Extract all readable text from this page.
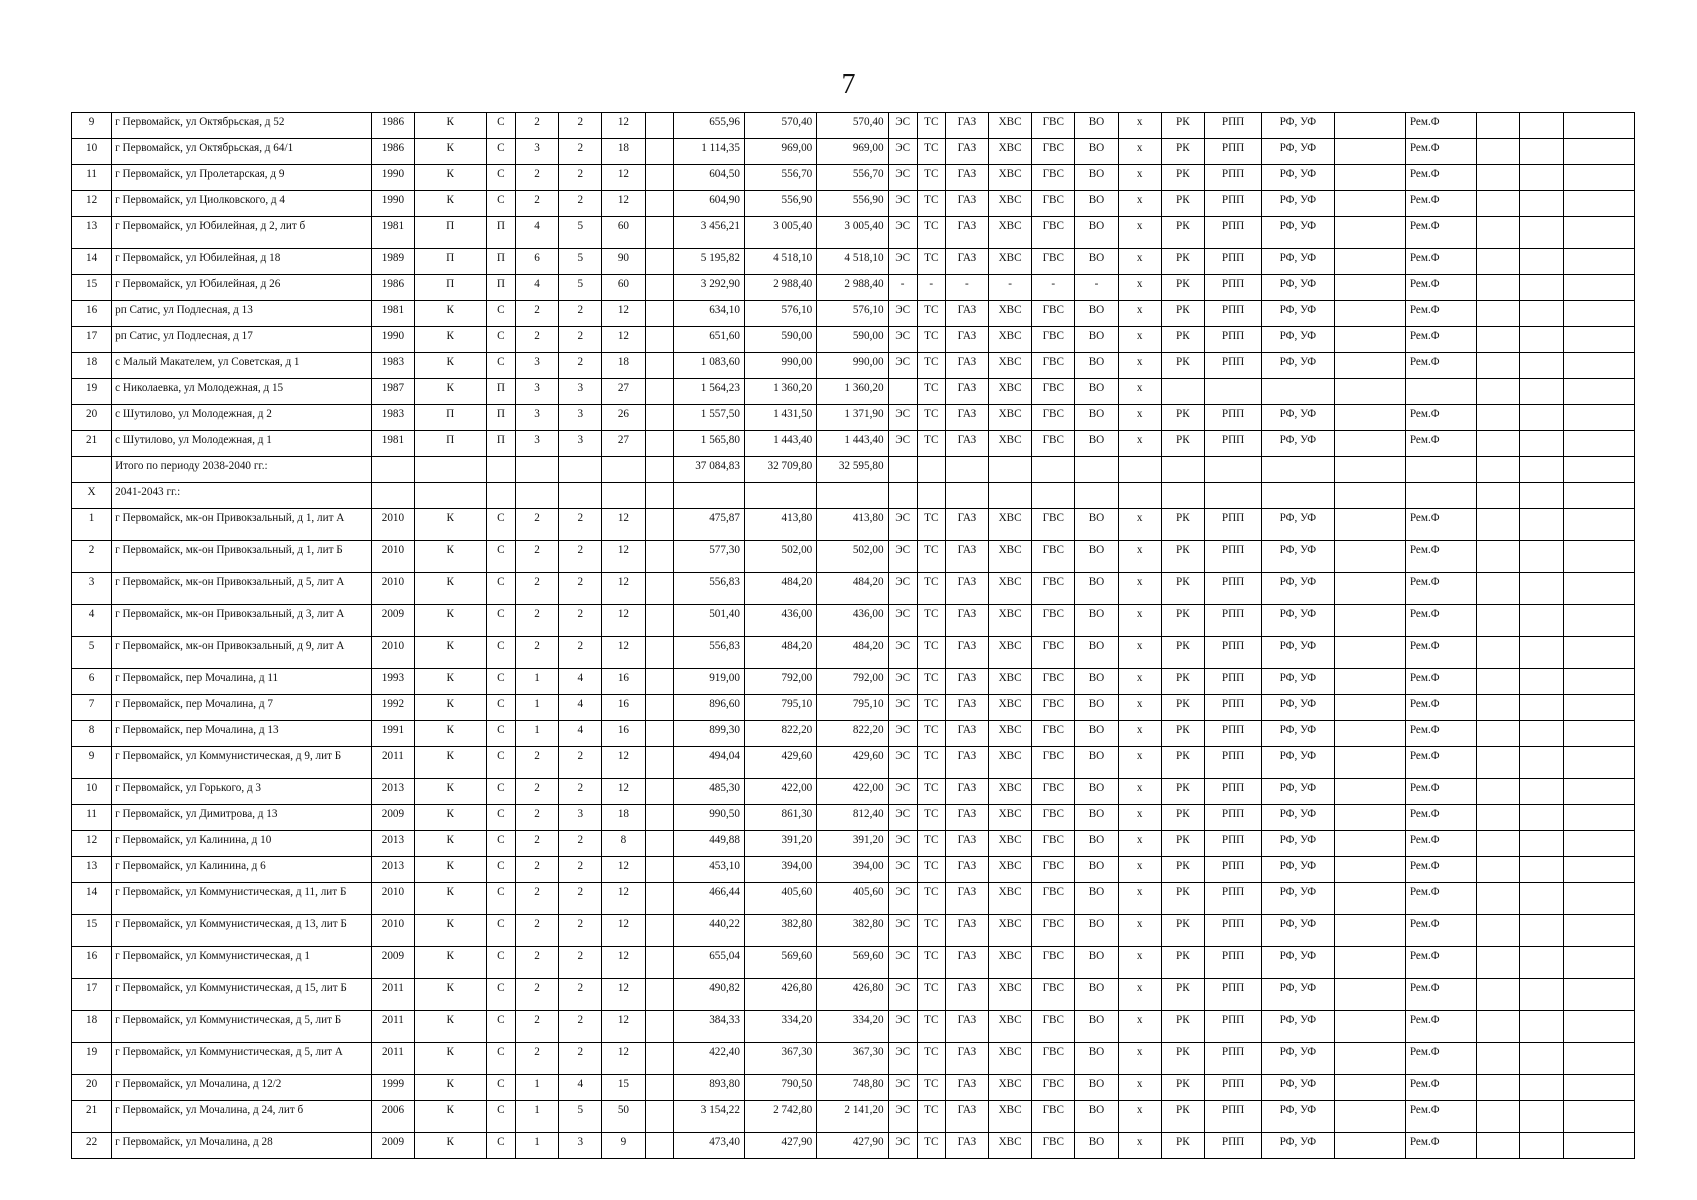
7
9	г Первомайск, ул Октябрьская, д 52	1986	К	С	2	2	12		655,96	570,40	570,40	ЭС	ТС	ГАЗ	ХВС	ГВС	ВО	х	РК	РПП	РФ, УФ		Рем.Ф			
10	г Первомайск, ул Октябрьская, д 64/1	1986	К	С	3	2	18		1 114,35	969,00	969,00	ЭС	ТС	ГАЗ	ХВС	ГВС	ВО	х	РК	РПП	РФ, УФ		Рем.Ф			
11	г Первомайск, ул Пролетарская, д 9	1990	К	С	2	2	12		604,50	556,70	556,70	ЭС	ТС	ГАЗ	ХВС	ГВС	ВО	х	РК	РПП	РФ, УФ		Рем.Ф			
12	г Первомайск, ул Циолковского, д 4	1990	К	С	2	2	12		604,90	556,90	556,90	ЭС	ТС	ГАЗ	ХВС	ГВС	ВО	х	РК	РПП	РФ, УФ		Рем.Ф			
13	г Первомайск, ул Юбилейная, д 2, лит б	1981	П	П	4	5	60		3 456,21	3 005,40	3 005,40	ЭС	ТС	ГАЗ	ХВС	ГВС	ВО	х	РК	РПП	РФ, УФ		Рем.Ф			
14	г Первомайск, ул Юбилейная, д 18	1989	П	П	6	5	90		5 195,82	4 518,10	4 518,10	ЭС	ТС	ГАЗ	ХВС	ГВС	ВО	х	РК	РПП	РФ, УФ		Рем.Ф			
15	г Первомайск, ул Юбилейная, д 26	1986	П	П	4	5	60		3 292,90	2 988,40	2 988,40	-	-	-	-	-	-	х	РК	РПП	РФ, УФ		Рем.Ф			
16	рп Сатис, ул Подлесная, д 13	1981	К	С	2	2	12		634,10	576,10	576,10	ЭС	ТС	ГАЗ	ХВС	ГВС	ВО	х	РК	РПП	РФ, УФ		Рем.Ф			
17	рп Сатис, ул Подлесная, д 17	1990	К	С	2	2	12		651,60	590,00	590,00	ЭС	ТС	ГАЗ	ХВС	ГВС	ВО	х	РК	РПП	РФ, УФ		Рем.Ф			
18	с Малый Макателем, ул Советская, д 1	1983	К	С	3	2	18		1 083,60	990,00	990,00	ЭС	ТС	ГАЗ	ХВС	ГВС	ВО	х	РК	РПП	РФ, УФ		Рем.Ф			
19	с Николаевка, ул Молодежная, д 15	1987	К	П	3	3	27		1 564,23	1 360,20	1 360,20		ТС	ГАЗ	ХВС	ГВС	ВО	х								
20	с Шутилово, ул Молодежная, д 2	1983	П	П	3	3	26		1 557,50	1 431,50	1 371,90	ЭС	ТС	ГАЗ	ХВС	ГВС	ВО	х	РК	РПП	РФ, УФ		Рем.Ф			
21	с Шутилово, ул Молодежная, д 1	1981	П	П	3	3	27		1 565,80	1 443,40	1 443,40	ЭС	ТС	ГАЗ	ХВС	ГВС	ВО	х	РК	РПП	РФ, УФ		Рем.Ф			
	Итого по периоду 2038-2040 гг.:								37 084,83	32 709,80	32 595,80															
X	2041-2043 гг.:																									
1	г Первомайск, мк-он Привокзальный, д 1, лит А	2010	К	С	2	2	12		475,87	413,80	413,80	ЭС	ТС	ГАЗ	ХВС	ГВС	ВО	х	РК	РПП	РФ, УФ		Рем.Ф			
2	г Первомайск, мк-он Привокзальный, д 1, лит Б	2010	К	С	2	2	12		577,30	502,00	502,00	ЭС	ТС	ГАЗ	ХВС	ГВС	ВО	х	РК	РПП	РФ, УФ		Рем.Ф			
3	г Первомайск, мк-он Привокзальный, д 5, лит А	2010	К	С	2	2	12		556,83	484,20	484,20	ЭС	ТС	ГАЗ	ХВС	ГВС	ВО	х	РК	РПП	РФ, УФ		Рем.Ф			
4	г Первомайск, мк-он Привокзальный, д 3, лит А	2009	К	С	2	2	12		501,40	436,00	436,00	ЭС	ТС	ГАЗ	ХВС	ГВС	ВО	х	РК	РПП	РФ, УФ		Рем.Ф			
5	г Первомайск, мк-он Привокзальный, д 9, лит А	2010	К	С	2	2	12		556,83	484,20	484,20	ЭС	ТС	ГАЗ	ХВС	ГВС	ВО	х	РК	РПП	РФ, УФ		Рем.Ф			
6	г Первомайск, пер Мочалина, д 11	1993	К	С	1	4	16		919,00	792,00	792,00	ЭС	ТС	ГАЗ	ХВС	ГВС	ВО	х	РК	РПП	РФ, УФ		Рем.Ф			
7	г Первомайск, пер Мочалина, д 7	1992	К	С	1	4	16		896,60	795,10	795,10	ЭС	ТС	ГАЗ	ХВС	ГВС	ВО	х	РК	РПП	РФ, УФ		Рем.Ф			
8	г Первомайск, пер Мочалина, д 13	1991	К	С	1	4	16		899,30	822,20	822,20	ЭС	ТС	ГАЗ	ХВС	ГВС	ВО	х	РК	РПП	РФ, УФ		Рем.Ф			
9	г Первомайск, ул Коммунистическая, д 9, лит Б	2011	К	С	2	2	12		494,04	429,60	429,60	ЭС	ТС	ГАЗ	ХВС	ГВС	ВО	х	РК	РПП	РФ, УФ		Рем.Ф			
10	г Первомайск, ул Горького, д 3	2013	К	С	2	2	12		485,30	422,00	422,00	ЭС	ТС	ГАЗ	ХВС	ГВС	ВО	х	РК	РПП	РФ, УФ		Рем.Ф			
11	г Первомайск, ул Димитрова, д 13	2009	К	С	2	3	18		990,50	861,30	812,40	ЭС	ТС	ГАЗ	ХВС	ГВС	ВО	х	РК	РПП	РФ, УФ		Рем.Ф			
12	г Первомайск, ул Калинина, д 10	2013	К	С	2	2	8		449,88	391,20	391,20	ЭС	ТС	ГАЗ	ХВС	ГВС	ВО	х	РК	РПП	РФ, УФ		Рем.Ф			
13	г Первомайск, ул Калинина, д 6	2013	К	С	2	2	12		453,10	394,00	394,00	ЭС	ТС	ГАЗ	ХВС	ГВС	ВО	х	РК	РПП	РФ, УФ		Рем.Ф			
14	г Первомайск, ул Коммунистическая, д 11, лит Б	2010	К	С	2	2	12		466,44	405,60	405,60	ЭС	ТС	ГАЗ	ХВС	ГВС	ВО	х	РК	РПП	РФ, УФ		Рем.Ф			
15	г Первомайск, ул Коммунистическая, д 13, лит Б	2010	К	С	2	2	12		440,22	382,80	382,80	ЭС	ТС	ГАЗ	ХВС	ГВС	ВО	х	РК	РПП	РФ, УФ		Рем.Ф			
16	г Первомайск, ул Коммунистическая, д 1	2009	К	С	2	2	12		655,04	569,60	569,60	ЭС	ТС	ГАЗ	ХВС	ГВС	ВО	х	РК	РПП	РФ, УФ		Рем.Ф			
17	г Первомайск, ул Коммунистическая, д 15, лит Б	2011	К	С	2	2	12		490,82	426,80	426,80	ЭС	ТС	ГАЗ	ХВС	ГВС	ВО	х	РК	РПП	РФ, УФ		Рем.Ф			
18	г Первомайск, ул Коммунистическая, д 5, лит Б	2011	К	С	2	2	12		384,33	334,20	334,20	ЭС	ТС	ГАЗ	ХВС	ГВС	ВО	х	РК	РПП	РФ, УФ		Рем.Ф			
19	г Первомайск, ул Коммунистическая, д 5, лит А	2011	К	С	2	2	12		422,40	367,30	367,30	ЭС	ТС	ГАЗ	ХВС	ГВС	ВО	х	РК	РПП	РФ, УФ		Рем.Ф			
20	г Первомайск, ул Мочалина, д 12/2	1999	К	С	1	4	15		893,80	790,50	748,80	ЭС	ТС	ГАЗ	ХВС	ГВС	ВО	х	РК	РПП	РФ, УФ		Рем.Ф			
21	г Первомайск, ул Мочалина, д 24, лит б	2006	К	С	1	5	50		3 154,22	2 742,80	2 141,20	ЭС	ТС	ГАЗ	ХВС	ГВС	ВО	х	РК	РПП	РФ, УФ		Рем.Ф			
22	г Первомайск, ул Мочалина, д 28	2009	К	С	1	3	9		473,40	427,90	427,90	ЭС	ТС	ГАЗ	ХВС	ГВС	ВО	х	РК	РПП	РФ, УФ		Рем.Ф			
